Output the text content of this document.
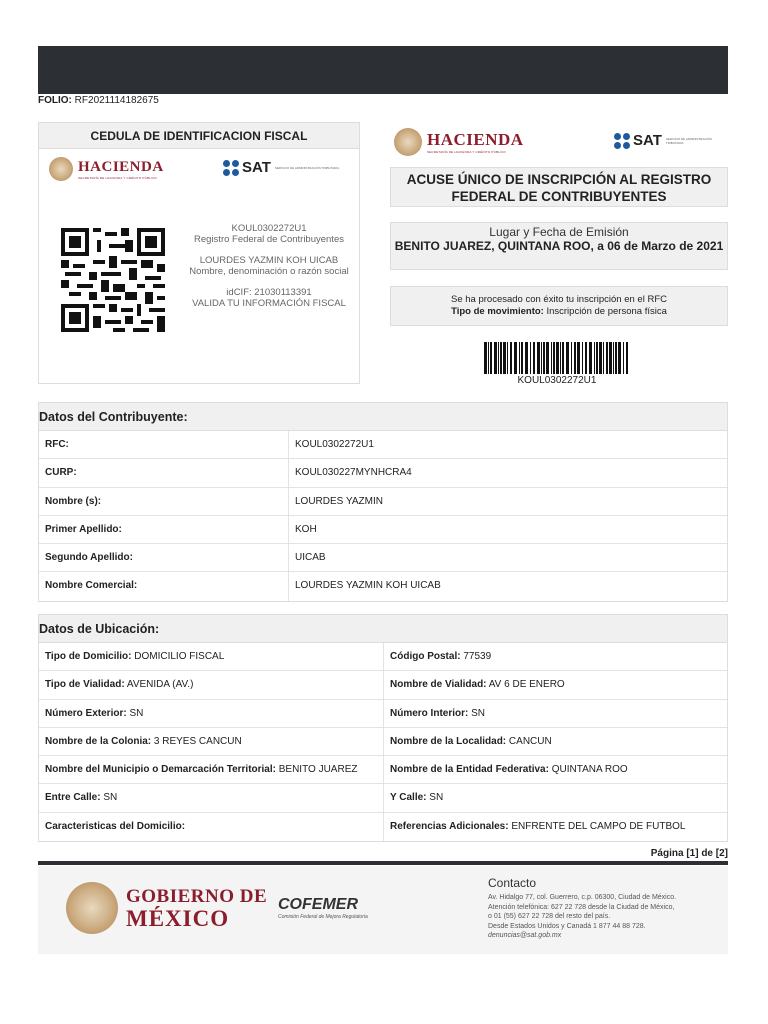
FOLIO: RF2021114182675
CEDULA DE IDENTIFICACION FISCAL
HACIENDA
SECRETARÍA DE HACIENDA Y CRÉDITO PÚBLICO
SAT SERVICIO DE ADMINISTRACIÓN TRIBUTARIA
KOUL0302272U1
Registro Federal de Contribuyentes
LOURDES YAZMIN KOH UICAB
Nombre, denominación o razón social
idCIF: 21030113391
VALIDA TU INFORMACIÓN FISCAL
HACIENDA
SECRETARÍA DE HACIENDA Y CRÉDITO PÚBLICO
SAT SERVICIO DE ADMINISTRACIÓN TRIBUTARIA
ACUSE ÚNICO DE INSCRIPCIÓN AL REGISTRO FEDERAL DE CONTRIBUYENTES
Lugar y Fecha de Emisión
BENITO JUAREZ, QUINTANA ROO, a 06 de Marzo de 2021
Se ha procesado con éxito tu inscripción en el RFC
Tipo de movimiento: Inscripción de persona física
KOUL0302272U1
Datos del Contribuyente:
RFC:	KOUL0302272U1
CURP:	KOUL030227MYNHCRA4
Nombre (s):	LOURDES YAZMIN
Primer Apellido:	KOH
Segundo Apellido:	UICAB
Nombre Comercial:	LOURDES YAZMIN KOH UICAB
Datos de Ubicación:
Tipo de Domicilio: DOMICILIO FISCAL	Código Postal: 77539
Tipo de Vialidad: AVENIDA (AV.)	Nombre de Vialidad: AV 6 DE ENERO
Número Exterior: SN	Número Interior: SN
Nombre de la Colonia: 3 REYES CANCUN	Nombre de la Localidad: CANCUN
Nombre del Municipio o Demarcación Territorial: BENITO JUAREZ	Nombre de la Entidad Federativa: QUINTANA ROO
Entre Calle: SN	Y Calle: SN
Caracteristicas del Domicilio:	Referencias Adicionales: ENFRENTE DEL CAMPO DE FUTBOL
Página [1] de [2]
GOBIERNO DE
MÉXICO
COFEMER
Comisión Federal de Mejora Regulatoria
Contacto

Av. Hidalgo 77, col. Guerrero, c.p. 06300, Ciudad de México.

Atención telefónica: 627 22 728 desde la Ciudad de México,

o 01 (55) 627 22 728 del resto del país.

Desde Estados Unidos y Canadá 1 877 44 88 728.

denuncias@sat.gob.mx
